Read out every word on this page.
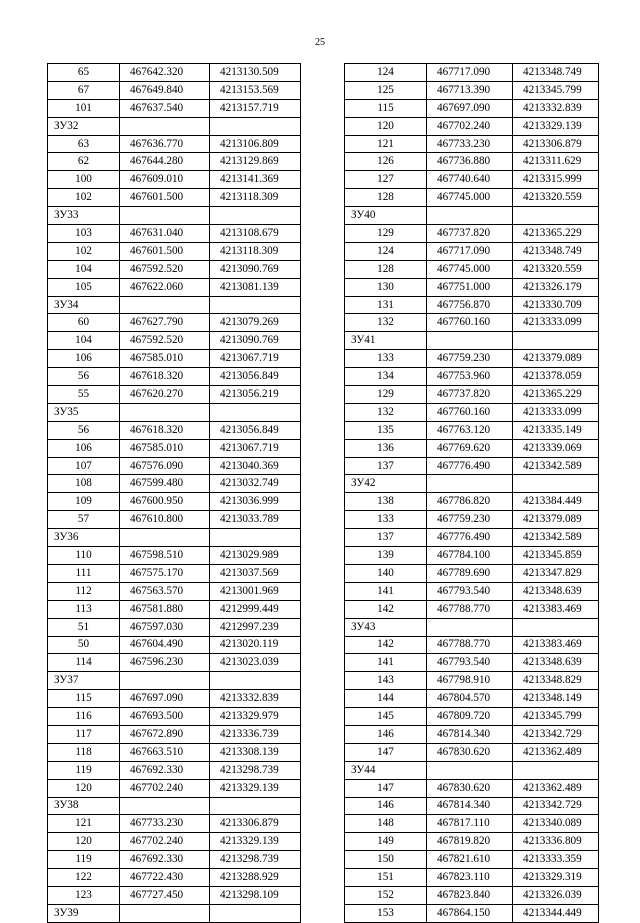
25
65	467642.320	4213130.509
67	467649.840	4213153.569
101	467637.540	4213157.719
ЗУ32		
63	467636.770	4213106.809
62	467644.280	4213129.869
100	467609.010	4213141.369
102	467601.500	4213118.309
ЗУ33		
103	467631.040	4213108.679
102	467601.500	4213118.309
104	467592.520	4213090.769
105	467622.060	4213081.139
ЗУ34		
60	467627.790	4213079.269
104	467592.520	4213090.769
106	467585.010	4213067.719
56	467618.320	4213056.849
55	467620.270	4213056.219
ЗУ35		
56	467618.320	4213056.849
106	467585.010	4213067.719
107	467576.090	4213040.369
108	467599.480	4213032.749
109	467600.950	4213036.999
57	467610.800	4213033.789
ЗУ36		
110	467598.510	4213029.989
111	467575.170	4213037.569
112	467563.570	4213001.969
113	467581.880	4212999.449
51	467597.030	4212997.239
50	467604.490	4213020.119
114	467596.230	4213023.039
ЗУ37		
115	467697.090	4213332.839
116	467693.500	4213329.979
117	467672.890	4213336.739
118	467663.510	4213308.139
119	467692.330	4213298.739
120	467702.240	4213329.139
ЗУ38		
121	467733.230	4213306.879
120	467702.240	4213329.139
119	467692.330	4213298.739
122	467722.430	4213288.929
123	467727.450	4213298.109
ЗУ39		
124	467717.090	4213348.749
125	467713.390	4213345.799
115	467697.090	4213332.839
120	467702.240	4213329.139
121	467733.230	4213306.879
126	467736.880	4213311.629
127	467740.640	4213315.999
128	467745.000	4213320.559
ЗУ40		
129	467737.820	4213365.229
124	467717.090	4213348.749
128	467745.000	4213320.559
130	467751.000	4213326.179
131	467756.870	4213330.709
132	467760.160	4213333.099
ЗУ41		
133	467759.230	4213379.089
134	467753.960	4213378.059
129	467737.820	4213365.229
132	467760.160	4213333.099
135	467763.120	4213335.149
136	467769.620	4213339.069
137	467776.490	4213342.589
ЗУ42		
138	467786.820	4213384.449
133	467759.230	4213379.089
137	467776.490	4213342.589
139	467784.100	4213345.859
140	467789.690	4213347.829
141	467793.540	4213348.639
142	467788.770	4213383.469
ЗУ43		
142	467788.770	4213383.469
141	467793.540	4213348.639
143	467798.910	4213348.829
144	467804.570	4213348.149
145	467809.720	4213345.799
146	467814.340	4213342.729
147	467830.620	4213362.489
ЗУ44		
147	467830.620	4213362.489
146	467814.340	4213342.729
148	467817.110	4213340.089
149	467819.820	4213336.809
150	467821.610	4213333.359
151	467823.110	4213329.319
152	467823.840	4213326.039
153	467864.150	4213344.449
